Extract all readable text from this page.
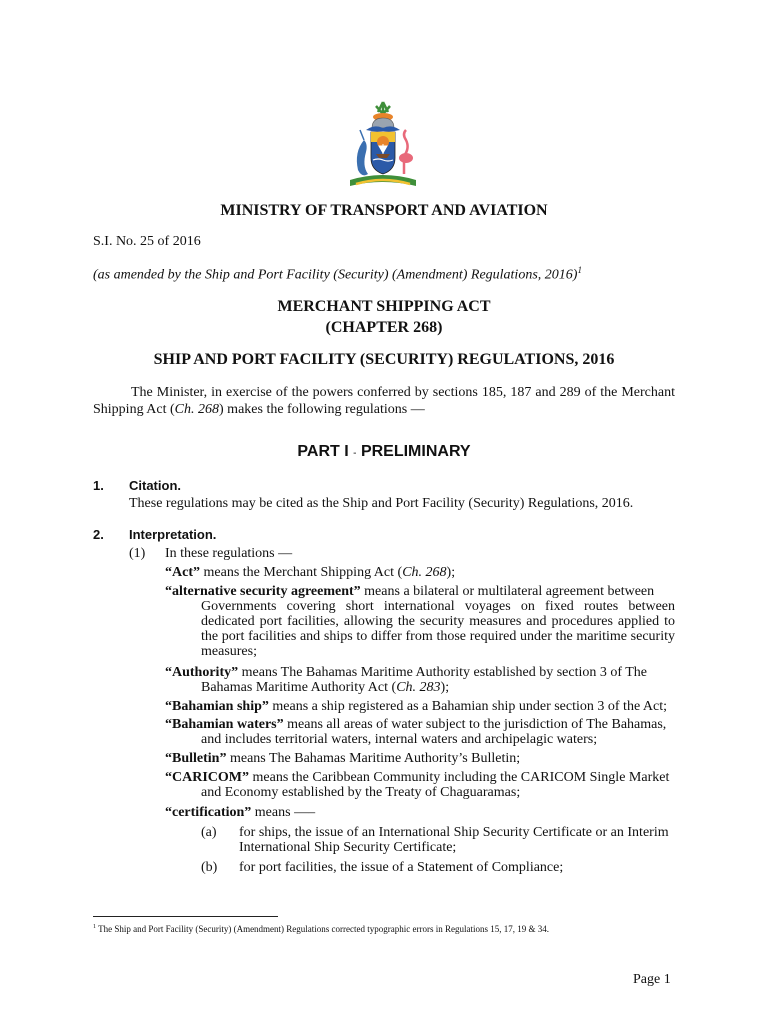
MINISTRY OF TRANSPORT AND AVIATION
S.I. No. 25 of 2016
(as amended by the Ship and Port Facility (Security) (Amendment) Regulations, 2016)$^1$
MERCHANT SHIPPING ACT
(CHAPTER 268)
SHIP AND PORT FACILITY (SECURITY) REGULATIONS, 2016
The Minister, in exercise of the powers conferred by sections 185, 187 and 289 of the Merchant Shipping Act (Ch. 268) makes the following regulations —
PART I - PRELIMINARY
1. Citation.
These regulations may be cited as the Ship and Port Facility (Security) Regulations, 2016.
2. Interpretation.
(1) In these regulations —
“Act” means the Merchant Shipping Act (Ch. 268);
“alternative security agreement” means a bilateral or multilateral agreement between
Governments covering short international voyages on fixed routes between dedicated port facilities, allowing the security measures and procedures applied to the port facilities and ships to differ from those required under the maritime security measures;
“Authority” means The Bahamas Maritime Authority established by section 3 of The
Bahamas Maritime Authority Act (Ch. 283);
“Bahamian ship” means a ship registered as a Bahamian ship under section 3 of the Act;
“Bahamian waters” means all areas of water subject to the jurisdiction of The Bahamas,
and includes territorial waters, internal waters and archipelagic waters;
“Bulletin” means The Bahamas Maritime Authority’s Bulletin;
“CARICOM” means the Caribbean Community including the CARICOM Single Market
and Economy established by the Treaty of Chaguaramas;
“certification” means —–
(a) for ships, the issue of an International Ship Security Certificate or an Interim International Ship Security Certificate;
(b) for port facilities, the issue of a Statement of Compliance;
$^1$ The Ship and Port Facility (Security) (Amendment) Regulations corrected typographic errors in Regulations 15, 17, 19 & 34.
Page 1
